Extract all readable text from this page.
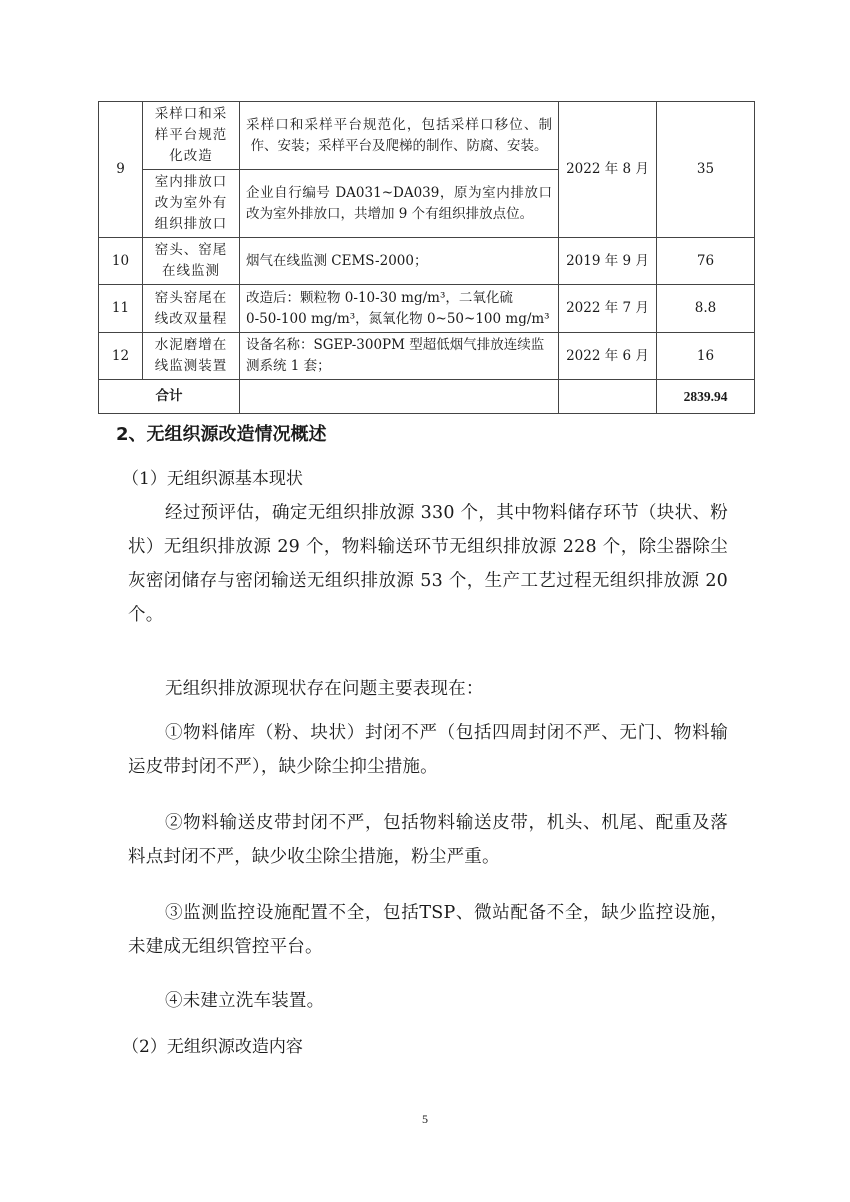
9	采样口和采样平台规范化改造	采样口和采样平台规范化，包括采样口移位、制作、安装；采样平台及爬梯的制作、防腐、安装。	2022 年 8 月	35
	室内排放口改为室外有组织排放口	企业自行编号 DA031~DA039，原为室内排放口改为室外排放口，共增加 9 个有组织排放点位。		
10	窑头、窑尾在线监测	烟气在线监测 CEMS-2000；	2019 年 9 月	76
11	窑头窑尾在线改双量程	改造后：颗粒物 0-10-30 mg/m³，二氧化硫
0-50-100 mg/m³，氮氧化物 0~50~100 mg/m³	2022 年 7 月	8.8
12	水泥磨增在线监测装置	设备名称：SGEP-300PM 型超低烟气排放连续监测系统 1 套；	2022 年 6 月	16
合计				2839.94
2、无组织源改造情况概述
（1）无组织源基本现状
经过预评估，确定无组织排放源 330 个，其中物料储存环节（块状、粉状）无组织排放源 29 个，物料输送环节无组织排放源 228 个，除尘器除尘灰密闭储存与密闭输送无组织排放源 53 个，生产工艺过程无组织排放源 20 个。
无组织排放源现状存在问题主要表现在：
①物料储库（粉、块状）封闭不严（包括四周封闭不严、无门、物料输运皮带封闭不严），缺少除尘抑尘措施。
②物料输送皮带封闭不严，包括物料输送皮带，机头、机尾、配重及落料点封闭不严，缺少收尘除尘措施，粉尘严重。
③监测监控设施配置不全，包括TSP、微站配备不全，缺少监控设施，未建成无组织管控平台。
④未建立洗车装置。
（2）无组织源改造内容
5
